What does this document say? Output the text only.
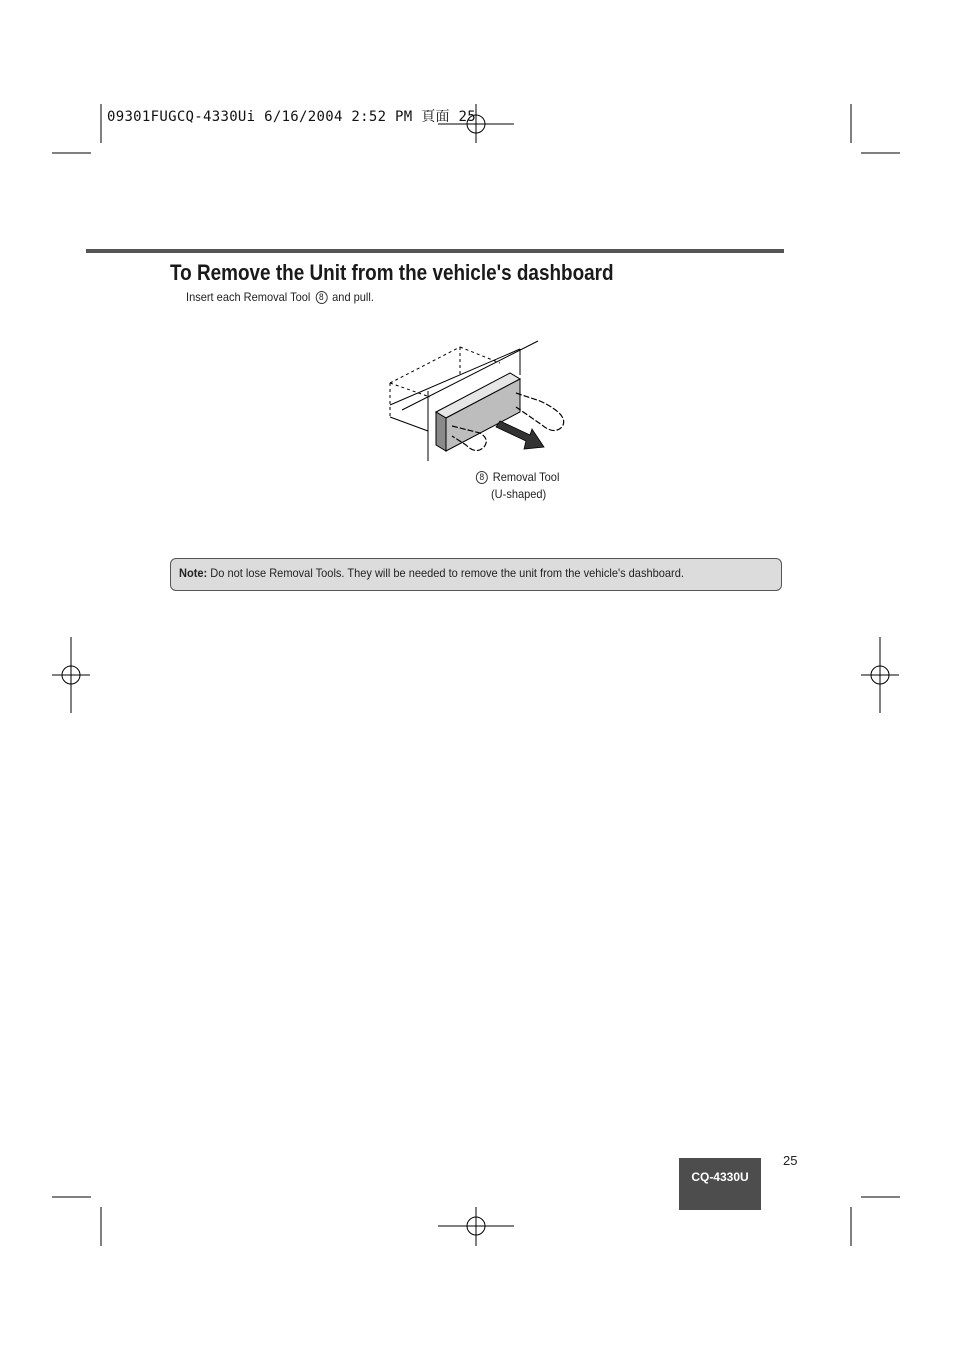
09301FUGCQ-4330Ui 6/16/2004 2:52 PM 頁面 25
To Remove the Unit from the vehicle's dashboard
Insert each Removal Tool 8 and pull.
8 Removal Tool
(U-shaped)
Note: Do not lose Removal Tools. They will be needed to remove the unit from the vehicle's dashboard.
25
CQ-4330U
